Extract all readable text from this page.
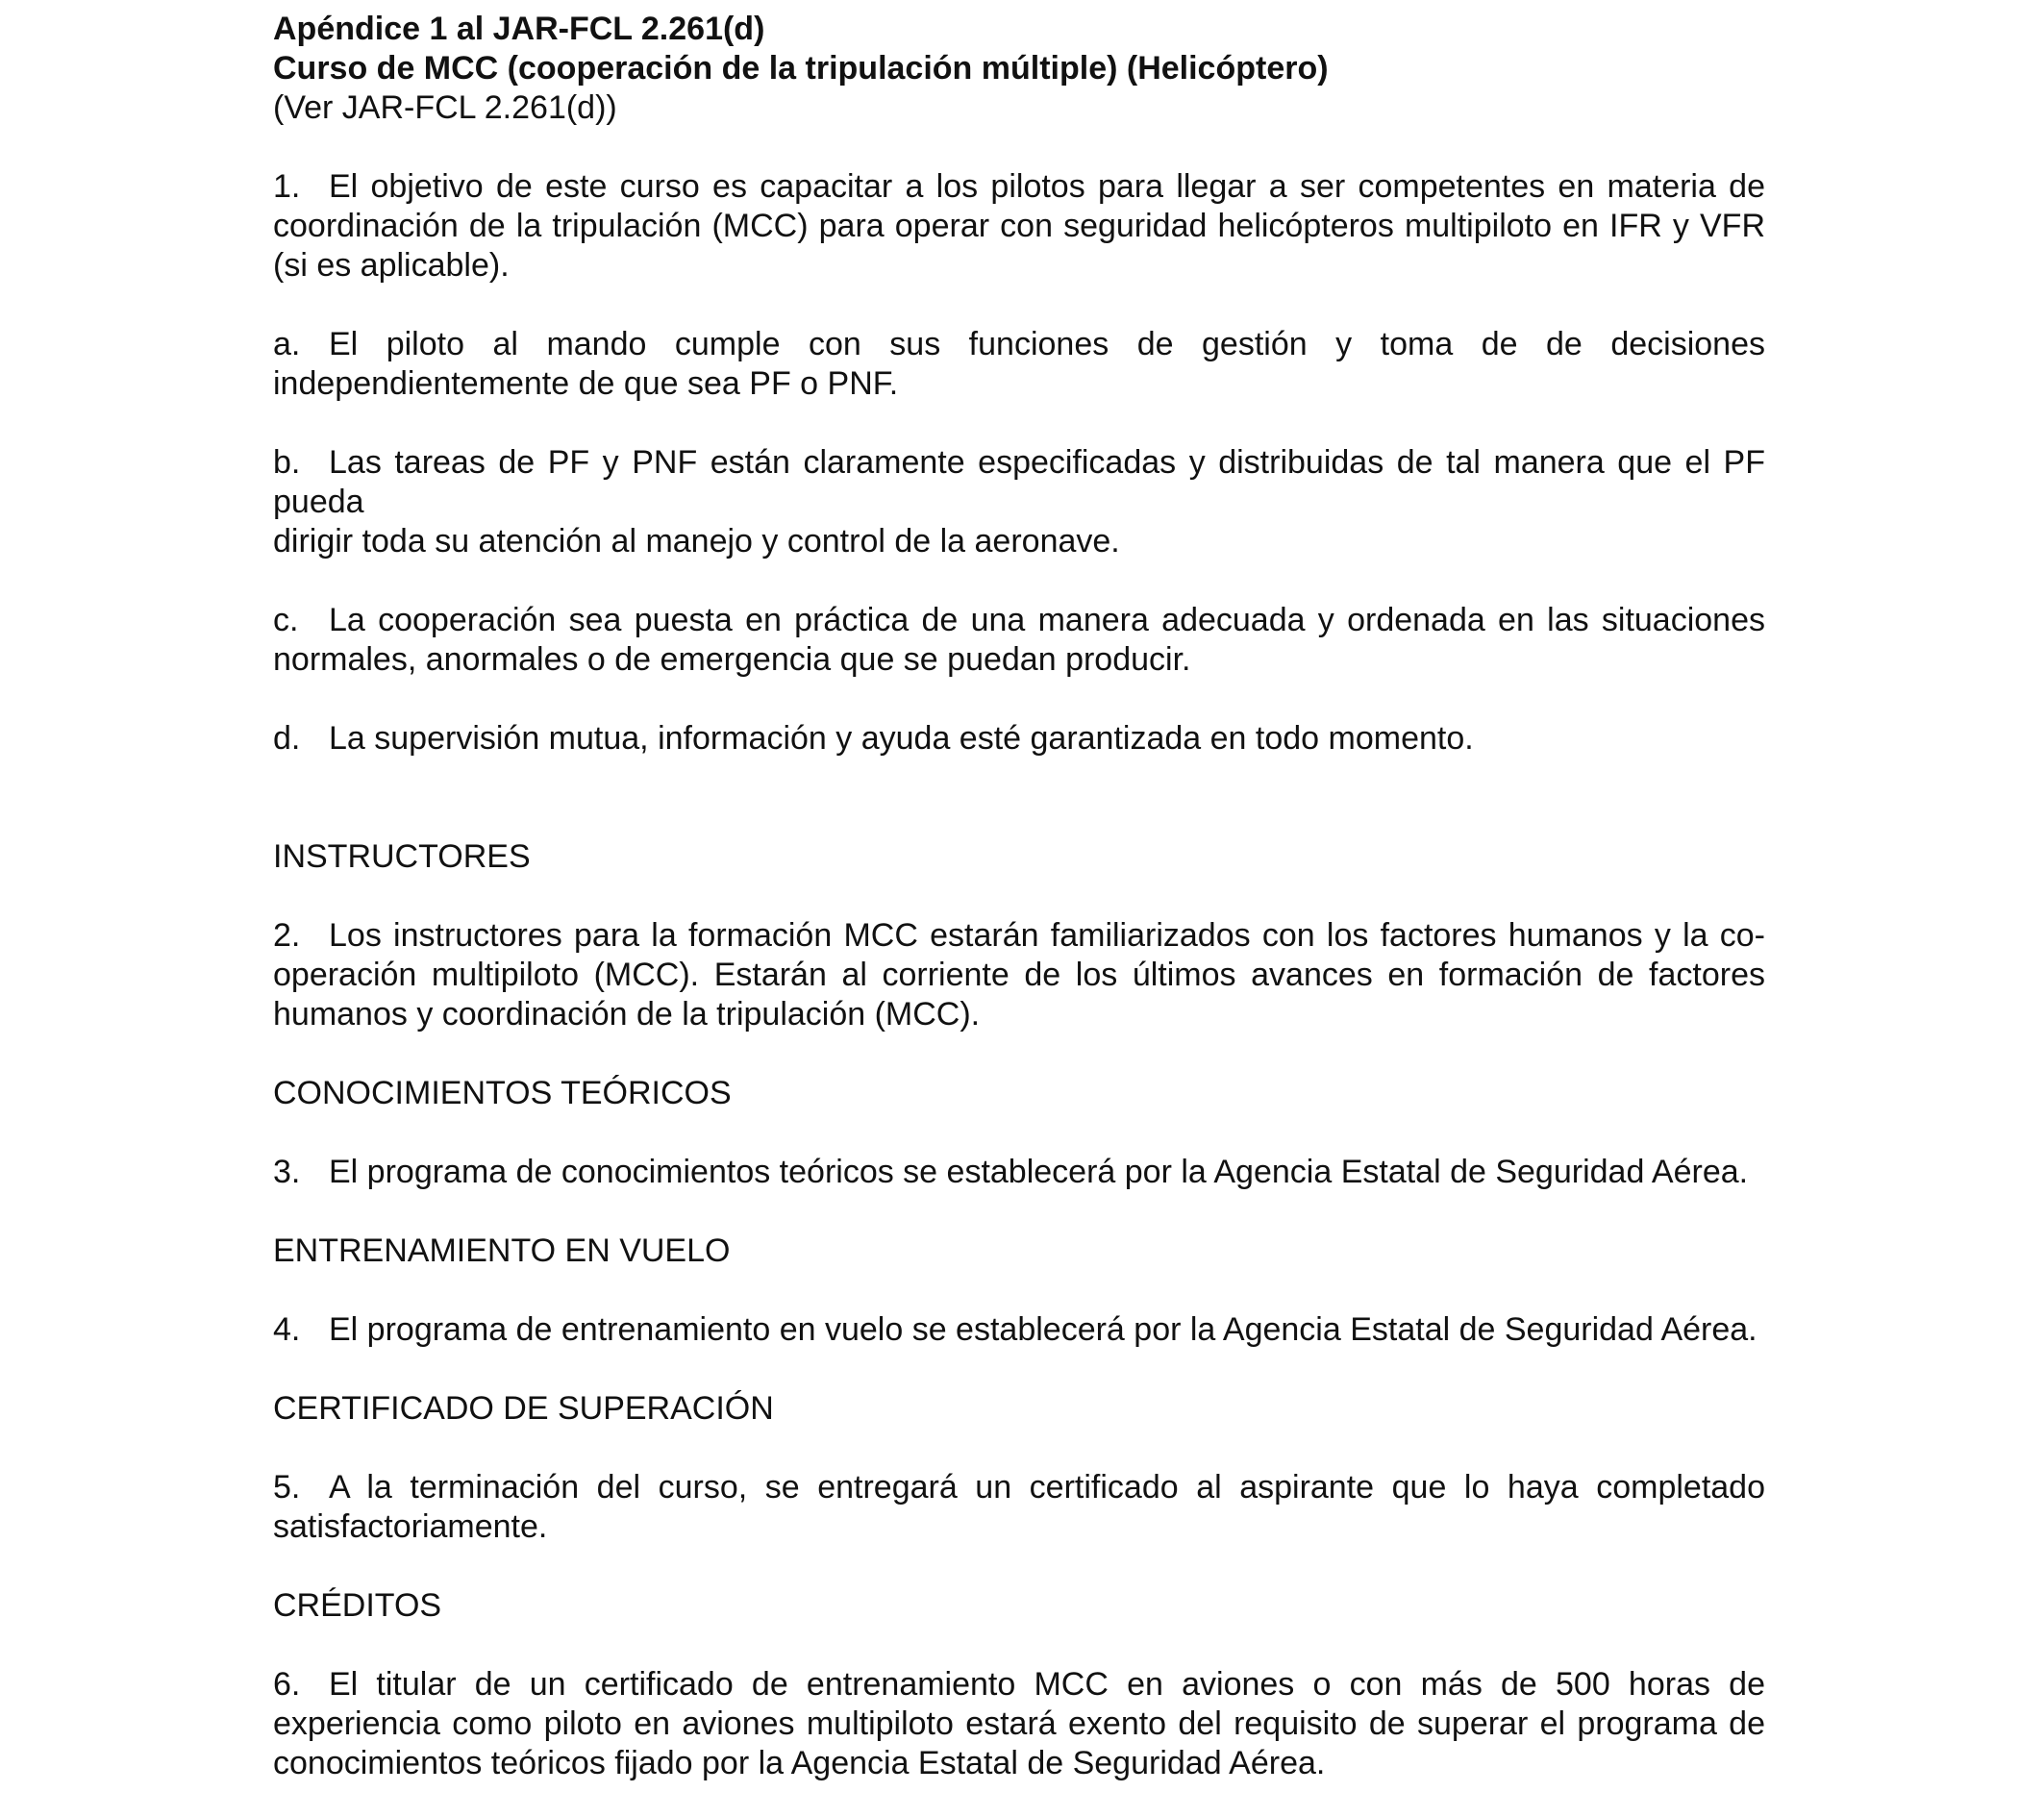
Apéndice 1 al JAR-FCL 2.261(d)
Curso de MCC (cooperación de la tripulación múltiple) (Helicóptero)
(Ver JAR-FCL 2.261(d))

1. El objetivo de este curso es capacitar a los pilotos para llegar a ser competentes en materia de coordinación de la tripulación (MCC) para operar con seguridad helicópteros multipiloto en IFR y VFR (si es aplicable).

a. El piloto al mando cumple con sus funciones de gestión y toma de de decisiones independientemente de que sea PF o PNF.

b. Las tareas de PF y PNF están claramente especificadas y distribuidas de tal manera que el PF pueda

dirigir toda su atención al manejo y control de la aeronave.

c. La cooperación sea puesta en práctica de una manera adecuada y ordenada en las situaciones normales, anormales o de emergencia que se puedan producir.

d. La supervisión mutua, información y ayuda esté garantizada en todo momento.

INSTRUCTORES

2. Los instructores para la formación MCC estarán familiarizados con los factores humanos y la co-operación multipiloto (MCC). Estarán al corriente de los últimos avances en formación de factores humanos y coordinación de la tripulación (MCC).

CONOCIMIENTOS TEÓRICOS

3. El programa de conocimientos teóricos se establecerá por la Agencia Estatal de Seguridad Aérea.

ENTRENAMIENTO EN VUELO

4. El programa de entrenamiento en vuelo se establecerá por la Agencia Estatal de Seguridad Aérea.

CERTIFICADO DE SUPERACIÓN

5. A la terminación del curso, se entregará un certificado al aspirante que lo haya completado satisfactoriamente.

CRÉDITOS

6. El titular de un certificado de entrenamiento MCC en aviones o con más de 500 horas de experiencia como piloto en aviones multipiloto estará exento del requisito de superar el programa de conocimientos teóricos fijado por la Agencia Estatal de Seguridad Aérea.
